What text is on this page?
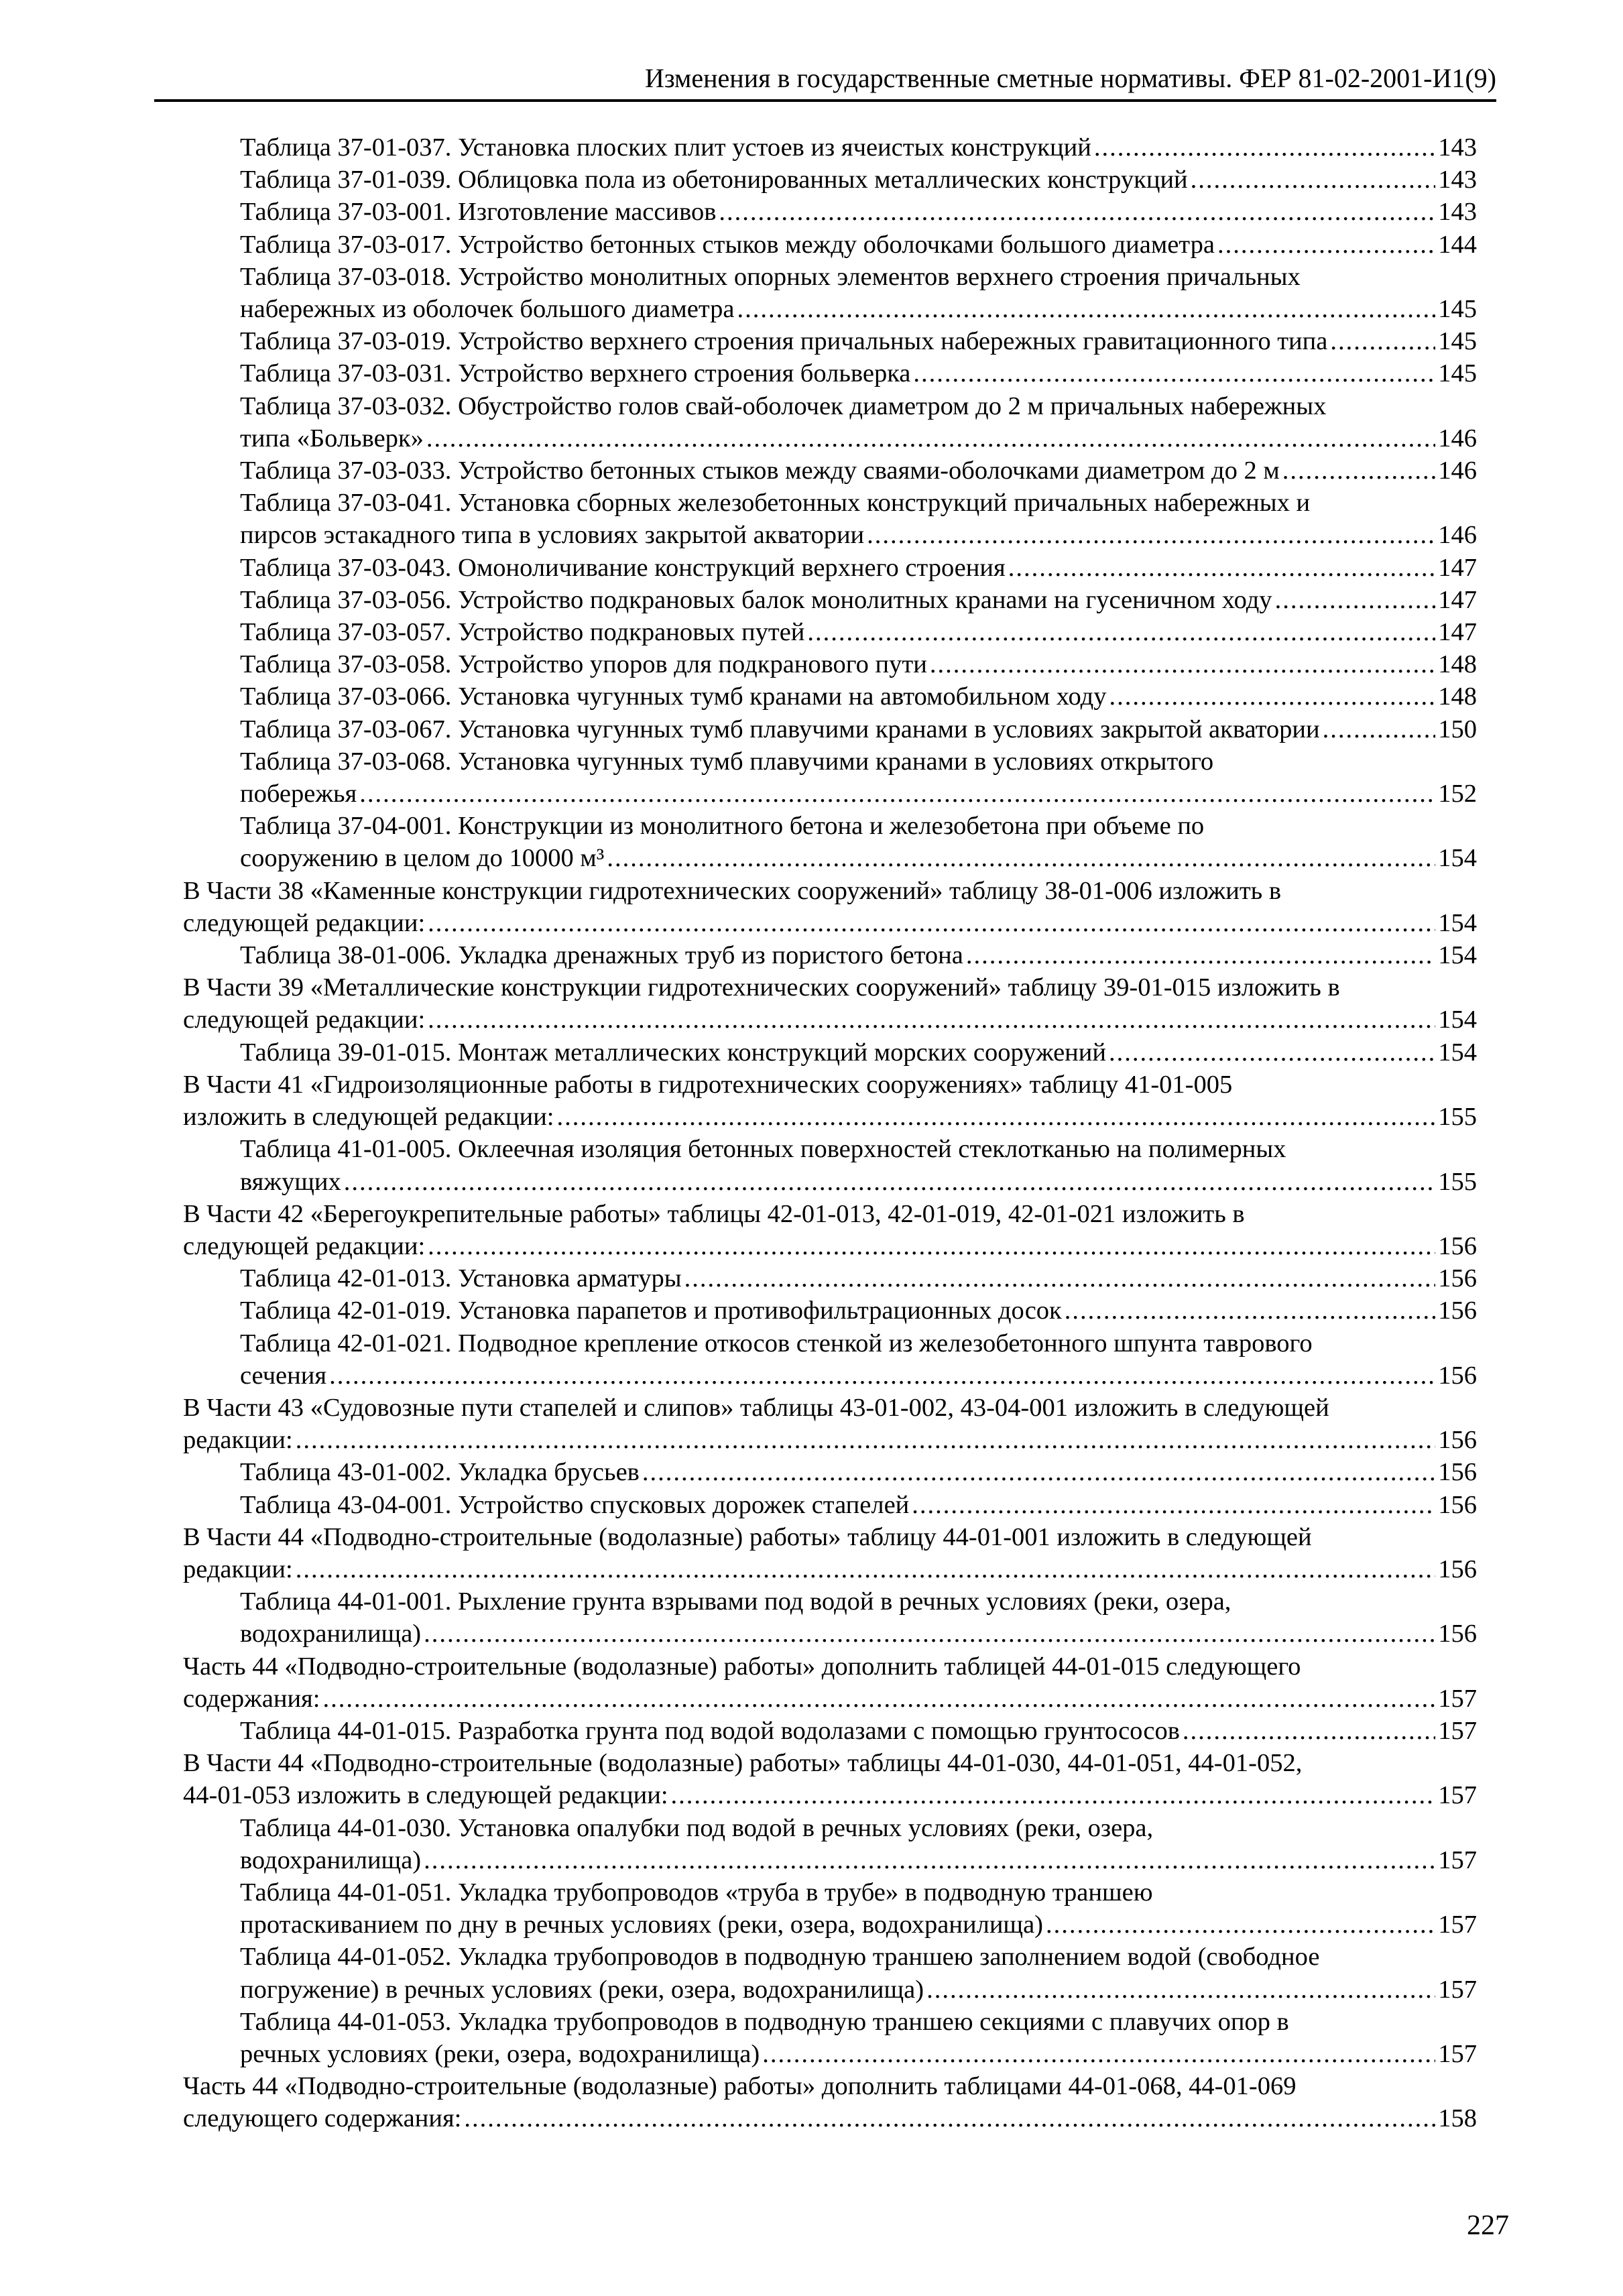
Изменения в государственные сметные нормативы. ФЕР 81-02-2001-И1(9)
Таблица 37-01-037. Установка плоских плит устоев из ячеистых конструкций .....	143
Таблица 37-01-039. Облицовка пола из обетонированных металлических конструкций .....	143
Таблица 37-03-001. Изготовление массивов .....	143
Таблица 37-03-017. Устройство бетонных стыков между оболочками большого диаметра .....	144
Таблица 37-03-018. Устройство монолитных опорных элементов верхнего строения причальных
набережных из оболочек большого диаметра .....	145
Таблица 37-03-019. Устройство верхнего строения причальных набережных гравитационного типа .....	145
Таблица 37-03-031. Устройство верхнего строения больверка .....	145
Таблица 37-03-032. Обустройство голов свай-оболочек диаметром до 2 м причальных набережных
типа «Больверк» .....	146
Таблица 37-03-033. Устройство бетонных стыков между сваями-оболочками диаметром до 2 м .....	146
Таблица 37-03-041. Установка сборных железобетонных конструкций причальных набережных и
пирсов эстакадного типа в условиях закрытой акватории .....	146
Таблица 37-03-043. Омоноличивание конструкций верхнего строения .....	147
Таблица 37-03-056. Устройство подкрановых балок монолитных кранами на гусеничном ходу .....	147
Таблица 37-03-057. Устройство подкрановых путей .....	147
Таблица 37-03-058. Устройство упоров для подкранового пути .....	148
Таблица 37-03-066. Установка чугунных тумб кранами на автомобильном ходу .....	148
Таблица 37-03-067. Установка чугунных тумб плавучими кранами в условиях закрытой акватории .....	150
Таблица 37-03-068. Установка чугунных тумб плавучими кранами в условиях открытого
побережья .....	152
Таблица 37-04-001. Конструкции из монолитного бетона и железобетона при объеме по
сооружению в целом до 10000 м³ .....	154
В Части 38 «Каменные конструкции гидротехнических сооружений» таблицу 38-01-006 изложить в
следующей редакции: .....	154
Таблица 38-01-006. Укладка дренажных труб из пористого бетона .....	154
В Части 39 «Металлические конструкции гидротехнических сооружений» таблицу 39-01-015 изложить в
следующей редакции: .....	154
Таблица 39-01-015. Монтаж металлических конструкций морских сооружений .....	154
В Части 41 «Гидроизоляционные работы в гидротехнических сооружениях» таблицу 41-01-005
изложить в следующей редакции: .....	155
Таблица 41-01-005. Оклеечная изоляция бетонных поверхностей стеклотканью на полимерных
вяжущих .....	155
В Части 42 «Берегоукрепительные работы» таблицы 42-01-013, 42-01-019, 42-01-021 изложить в
следующей редакции: .....	156
Таблица 42-01-013. Установка арматуры .....	156
Таблица 42-01-019. Установка парапетов и противофильтрационных досок .....	156
Таблица 42-01-021. Подводное крепление откосов стенкой из железобетонного шпунта таврового
сечения .....	156
В Части 43 «Судовозные пути стапелей и слипов» таблицы 43-01-002, 43-04-001 изложить в следующей
редакции: .....	156
Таблица 43-01-002. Укладка брусьев .....	156
Таблица 43-04-001. Устройство спусковых дорожек стапелей .....	156
В Части 44 «Подводно-строительные (водолазные) работы» таблицу 44-01-001 изложить в следующей
редакции: .....	156
Таблица 44-01-001. Рыхление грунта взрывами под водой в речных условиях (реки, озера,
водохранилища) .....	156
Часть 44 «Подводно-строительные (водолазные) работы» дополнить таблицей 44-01-015 следующего
содержания: .....	157
Таблица 44-01-015. Разработка грунта под водой водолазами с помощью грунтососов .....	157
В Части 44 «Подводно-строительные (водолазные) работы» таблицы 44-01-030, 44-01-051, 44-01-052,
44-01-053 изложить в следующей редакции: .....	157
Таблица 44-01-030. Установка опалубки под водой в речных условиях (реки, озера,
водохранилища) .....	157
Таблица 44-01-051. Укладка трубопроводов «труба в трубе» в подводную траншею
протаскиванием по дну в речных условиях (реки, озера, водохранилища) .....	157
Таблица 44-01-052. Укладка трубопроводов в подводную траншею заполнением водой (свободное
погружение) в речных условиях (реки, озера, водохранилища) .....	157
Таблица 44-01-053. Укладка трубопроводов в подводную траншею секциями с плавучих опор в
речных условиях (реки, озера, водохранилища) .....	157
Часть 44 «Подводно-строительные (водолазные) работы» дополнить таблицами 44-01-068, 44-01-069
следующего содержания: .....	158
227
